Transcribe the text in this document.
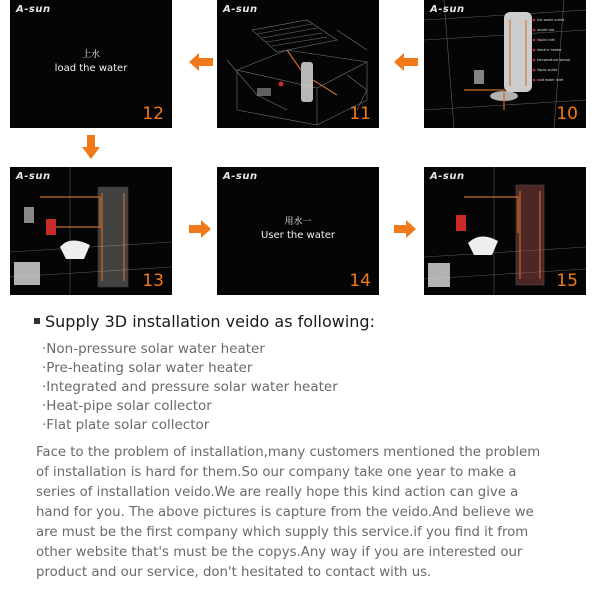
A-sun
上水
load the water
12
A-sun
11
hot water outlet
anode rod
liquid inlet
electric heater
temperature sensor
liquid outlet
cold water inlet
A-sun
10
A-sun
13
A-sun
用水一
User the water
14
A-sun
15
Supply 3D installation veido as following:
·Non-pressure solar water heater
·Pre-heating solar water heater
·Integrated and pressure solar water heater
·Heat-pipe solar collector
·Flat plate solar collector
Face to the problem of installation,many customers mentioned the problem
of installation is hard for them.So our company take one year to make a
series of installation veido.We are really hope this kind action can give a
hand for you. The above pictures is capture from the veido.And believe we
are must be the first company which supply this service.if you find it from
other website that's must be the copys.Any way if you are interested our
product and our service, don't hesitated to contact with us.
